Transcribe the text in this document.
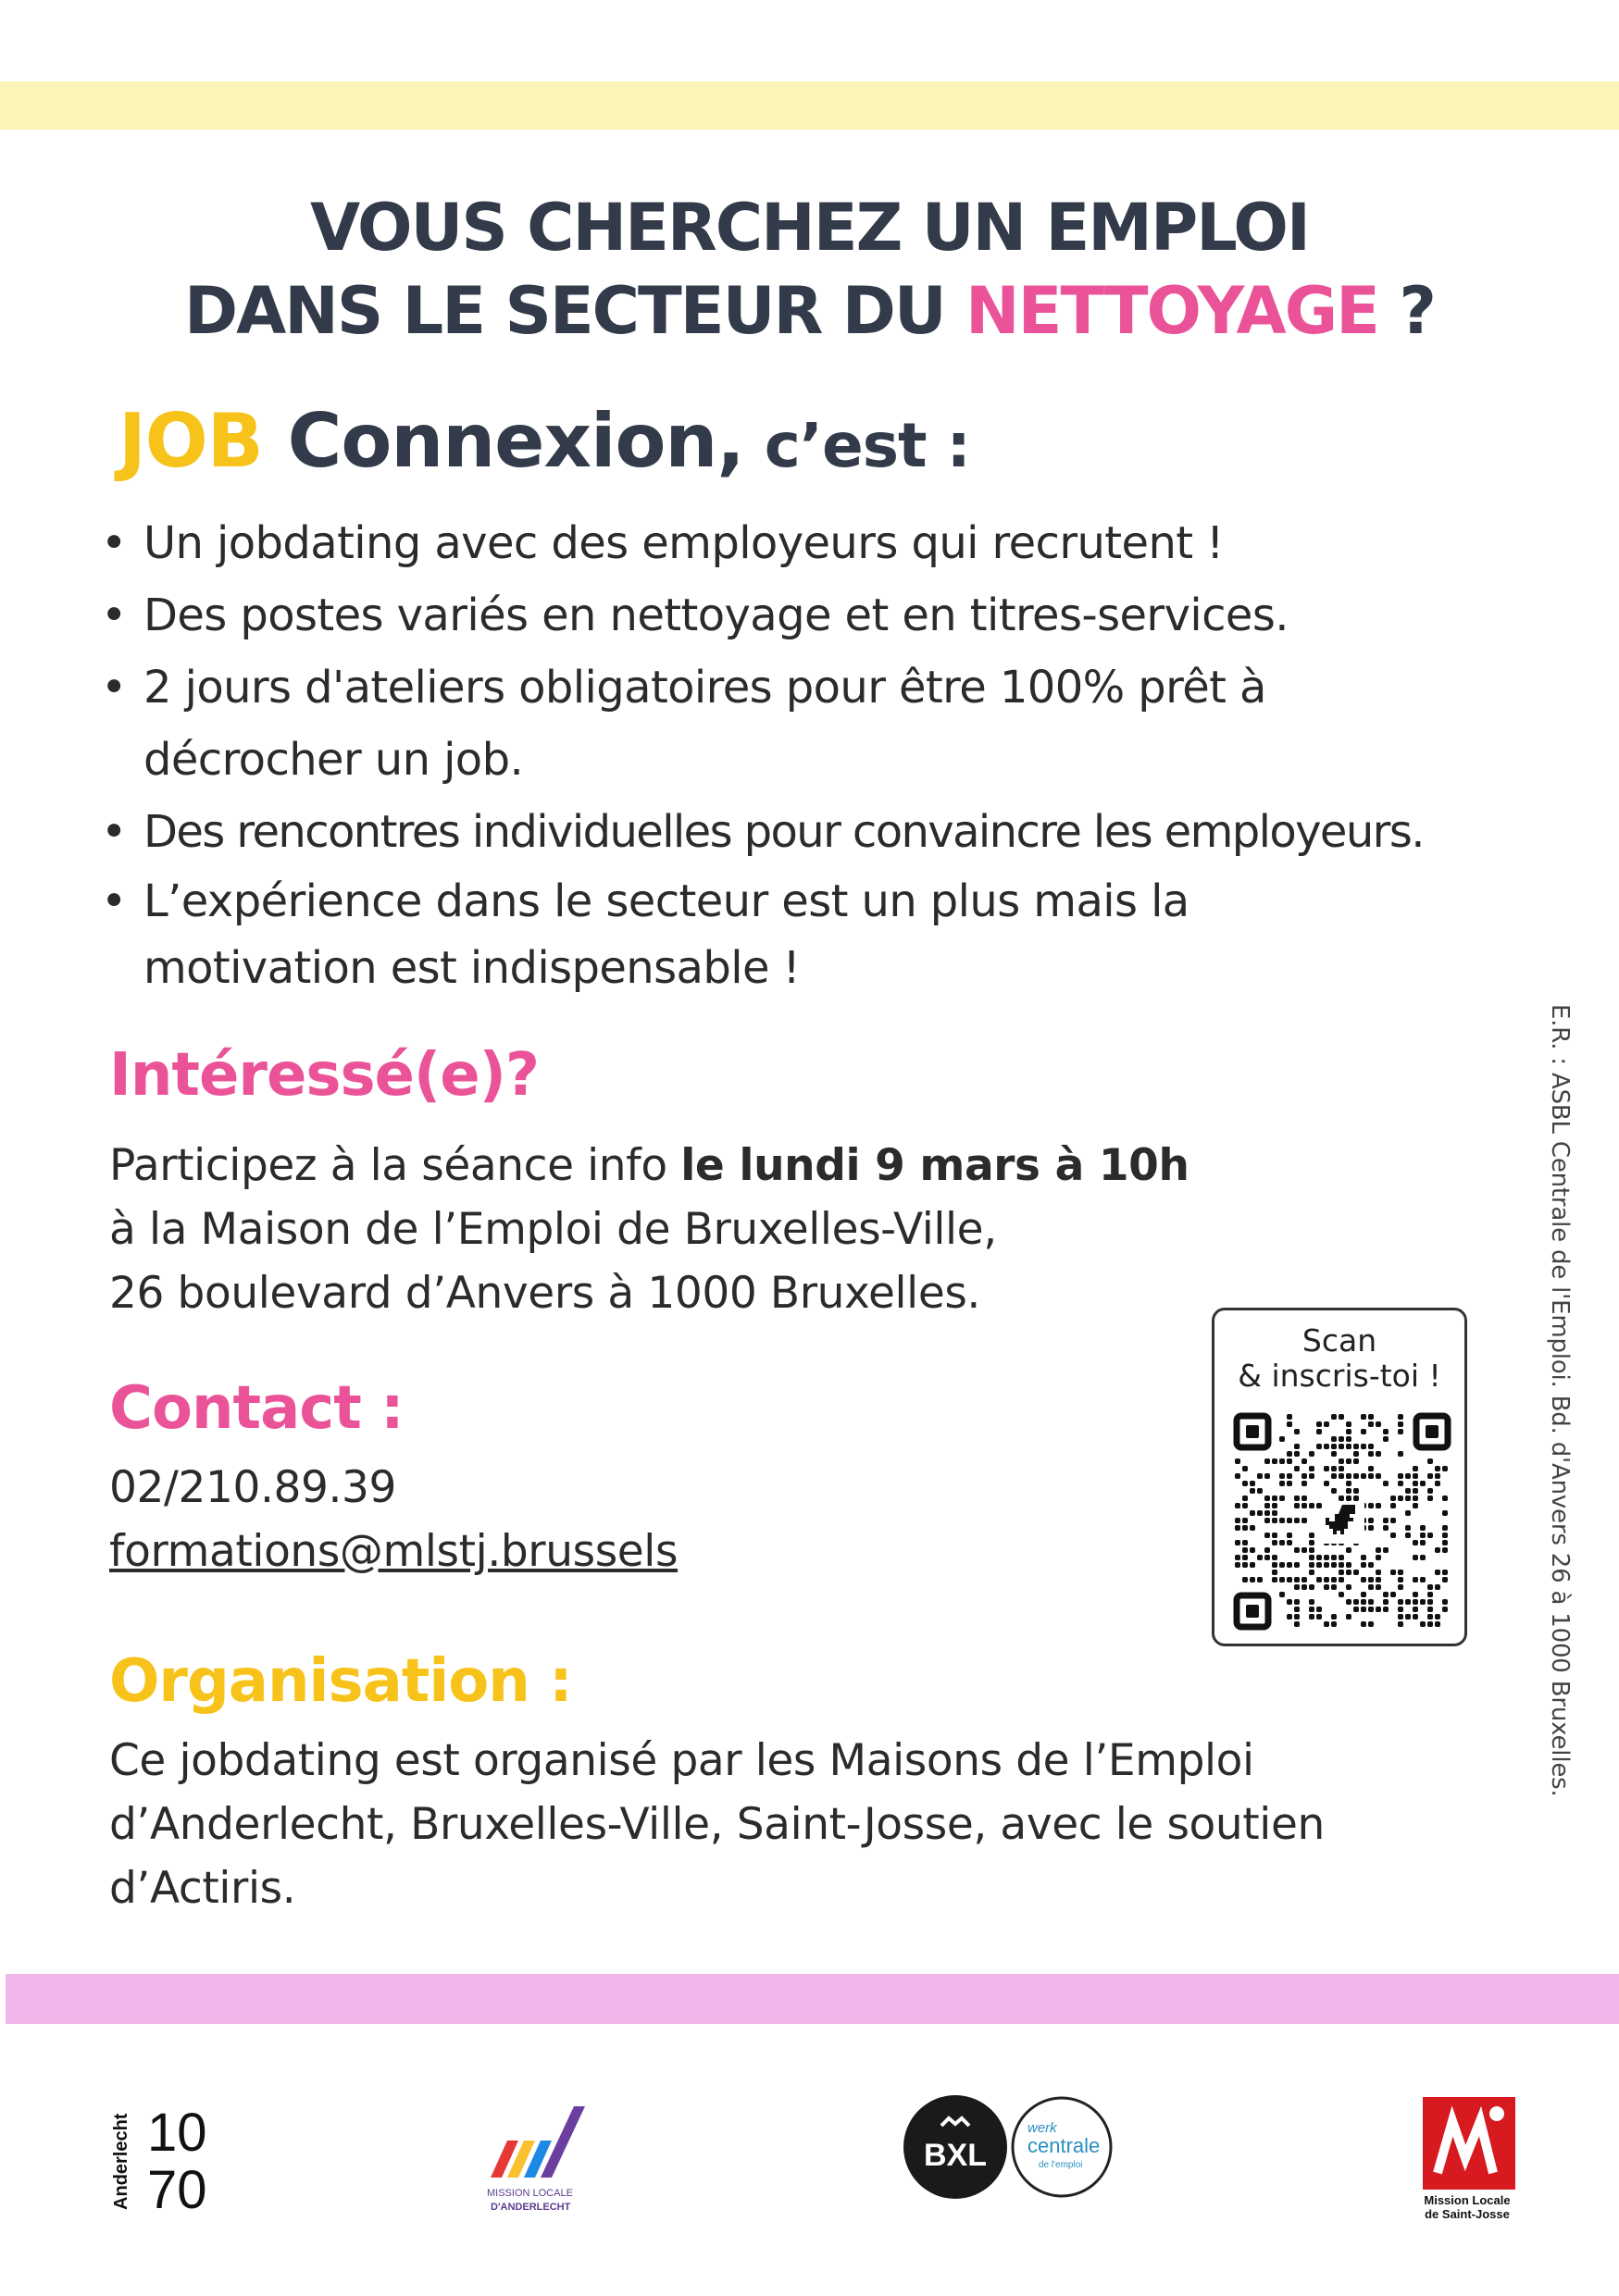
VOUS CHERCHEZ UN EMPLOI
DANS LE SECTEUR DU NETTOYAGE ?
JOB Connexion, c’est :
• Un jobdating avec des employeurs qui recrutent !
• Des postes variés en nettoyage et en titres-services.
• 2 jours d'ateliers obligatoires pour être 100% prêt à décrocher un job.
• Des rencontres individuelles pour convaincre les employeurs.
• L’expérience dans le secteur est un plus mais la motivation est indispensable !
Intéressé(e)?
Participez à la séance info le lundi 9 mars à 10h
à la Maison de l’Emploi de Bruxelles-Ville,
26 boulevard d’Anvers à 1000 Bruxelles.
Contact :
02/210.89.39
formations@mlstj.brussels
Organisation :
Ce jobdating est organisé par les Maisons de l’Emploi d’Anderlecht, Bruxelles-Ville, Saint-Josse, avec le soutien d’Actiris.
Scan
& inscris-toi !	E.R. : ASBL Centrale de l'Emploi. Bd. d'Anvers 26 à 1000 Bruxelles.
Anderlecht 10
70	MISSION LOCALE
D'ANDERLECHT
BXL
werk
centrale
de l'emploi
Mission Locale
de Saint-Josse
